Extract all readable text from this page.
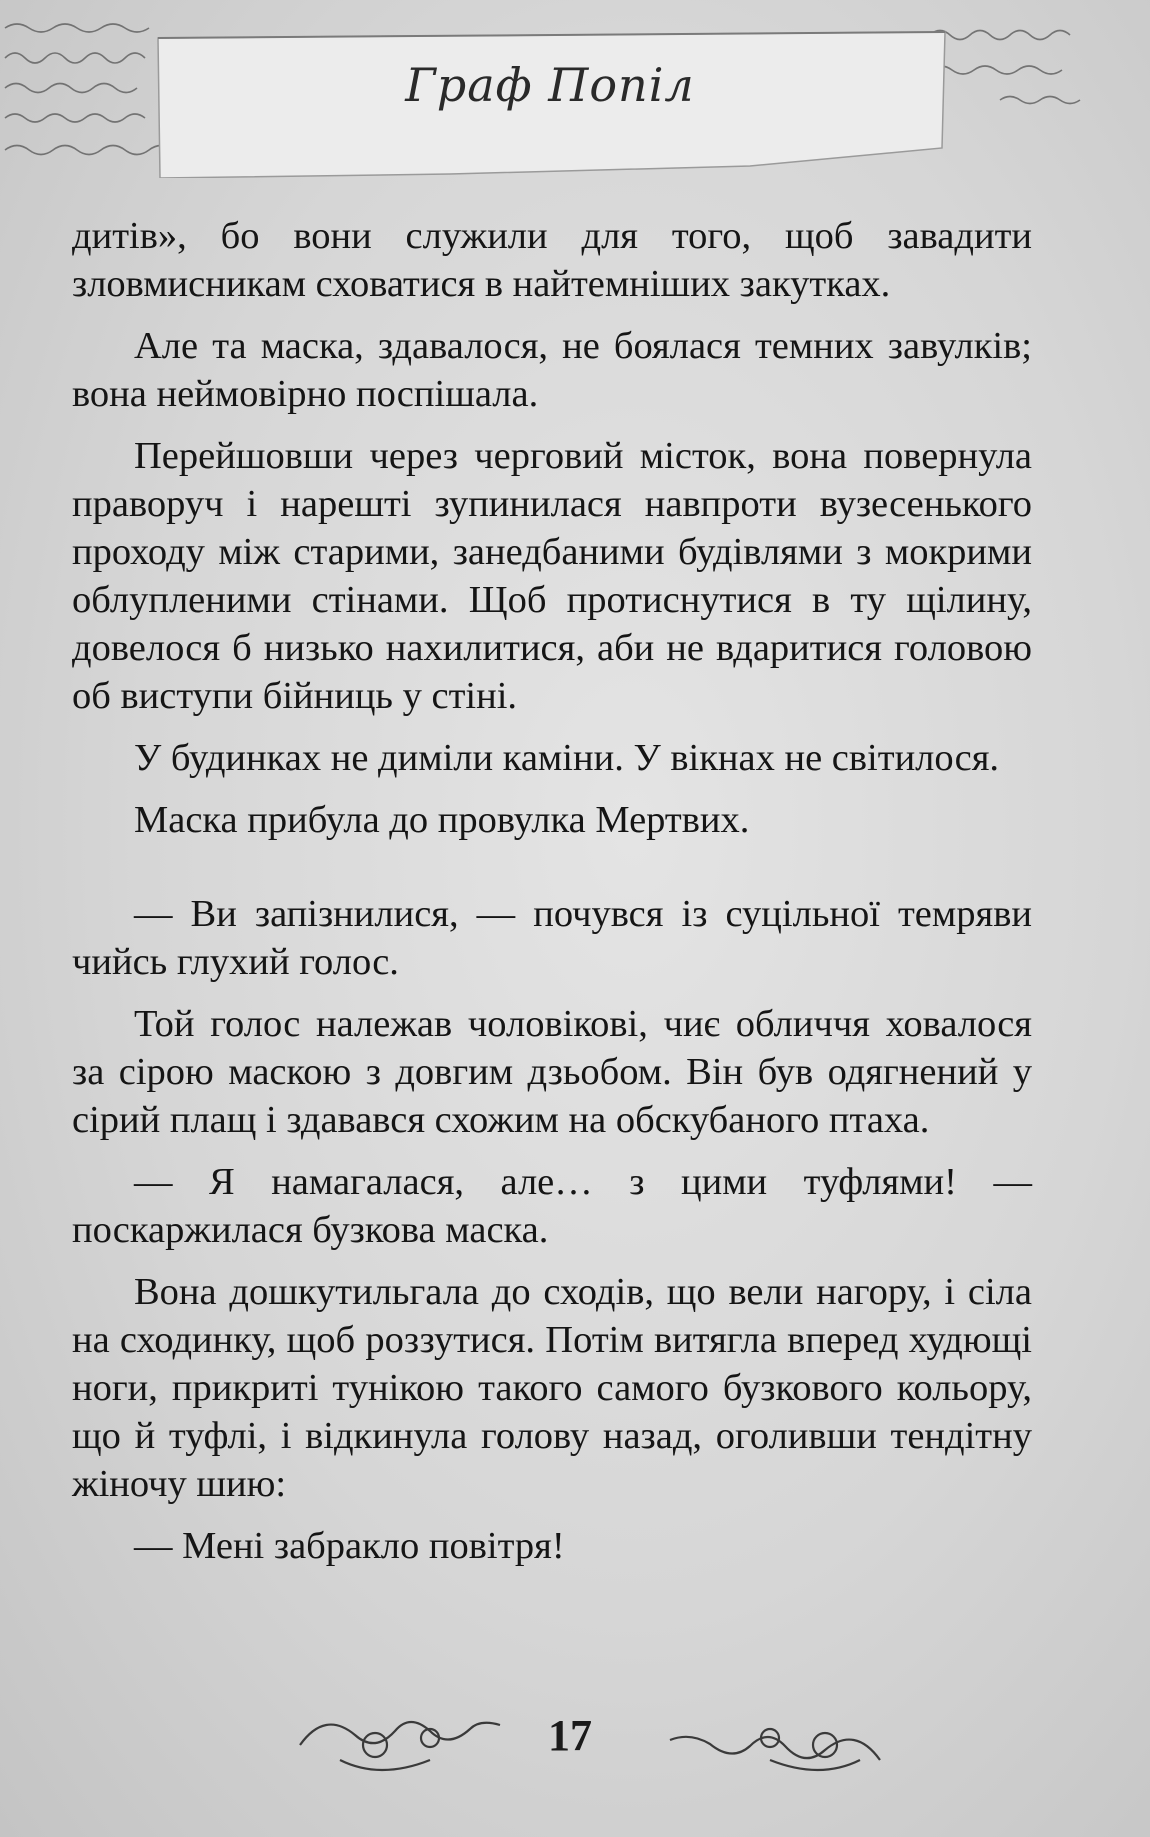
Граф Попіл

дитів», бо вони служили для того, щоб завадити зловмисникам сховатися в найтемніших закутках.

Але та маска, здавалося, не боялася темних завулків; вона неймовірно поспішала.

Перейшовши через черговий місток, вона повернула праворуч і нарешті зупинилася навпроти вузесенького проходу між старими, занедбаними будівлями з мокрими облупленими стінами. Щоб протиснутися в ту щілину, довелося б низько нахилитися, аби не вдаритися головою об виступи бійниць у стіні.

У будинках не диміли каміни. У вікнах не світилося.

Маска прибула до провулка Мертвих.

— Ви запізнилися, — почувся із суцільної темряви чийсь глухий голос.

Той голос належав чоловікові, чиє обличчя ховалося за сірою маскою з довгим дзьобом. Він був одягнений у сірий плащ і здавався схожим на обскубаного птаха.

— Я намагалася, але… з цими туфлями! — поскаржилася бузкова маска.

Вона дошкутильгала до сходів, що вели нагору, і сіла на сходинку, щоб роззутися. Потім витягла вперед худющі ноги, прикриті тунікою такого самого бузкового кольору, що й туфлі, і відкинула голову назад, оголивши тендітну жіночу шию:

— Мені забракло повітря!

17
